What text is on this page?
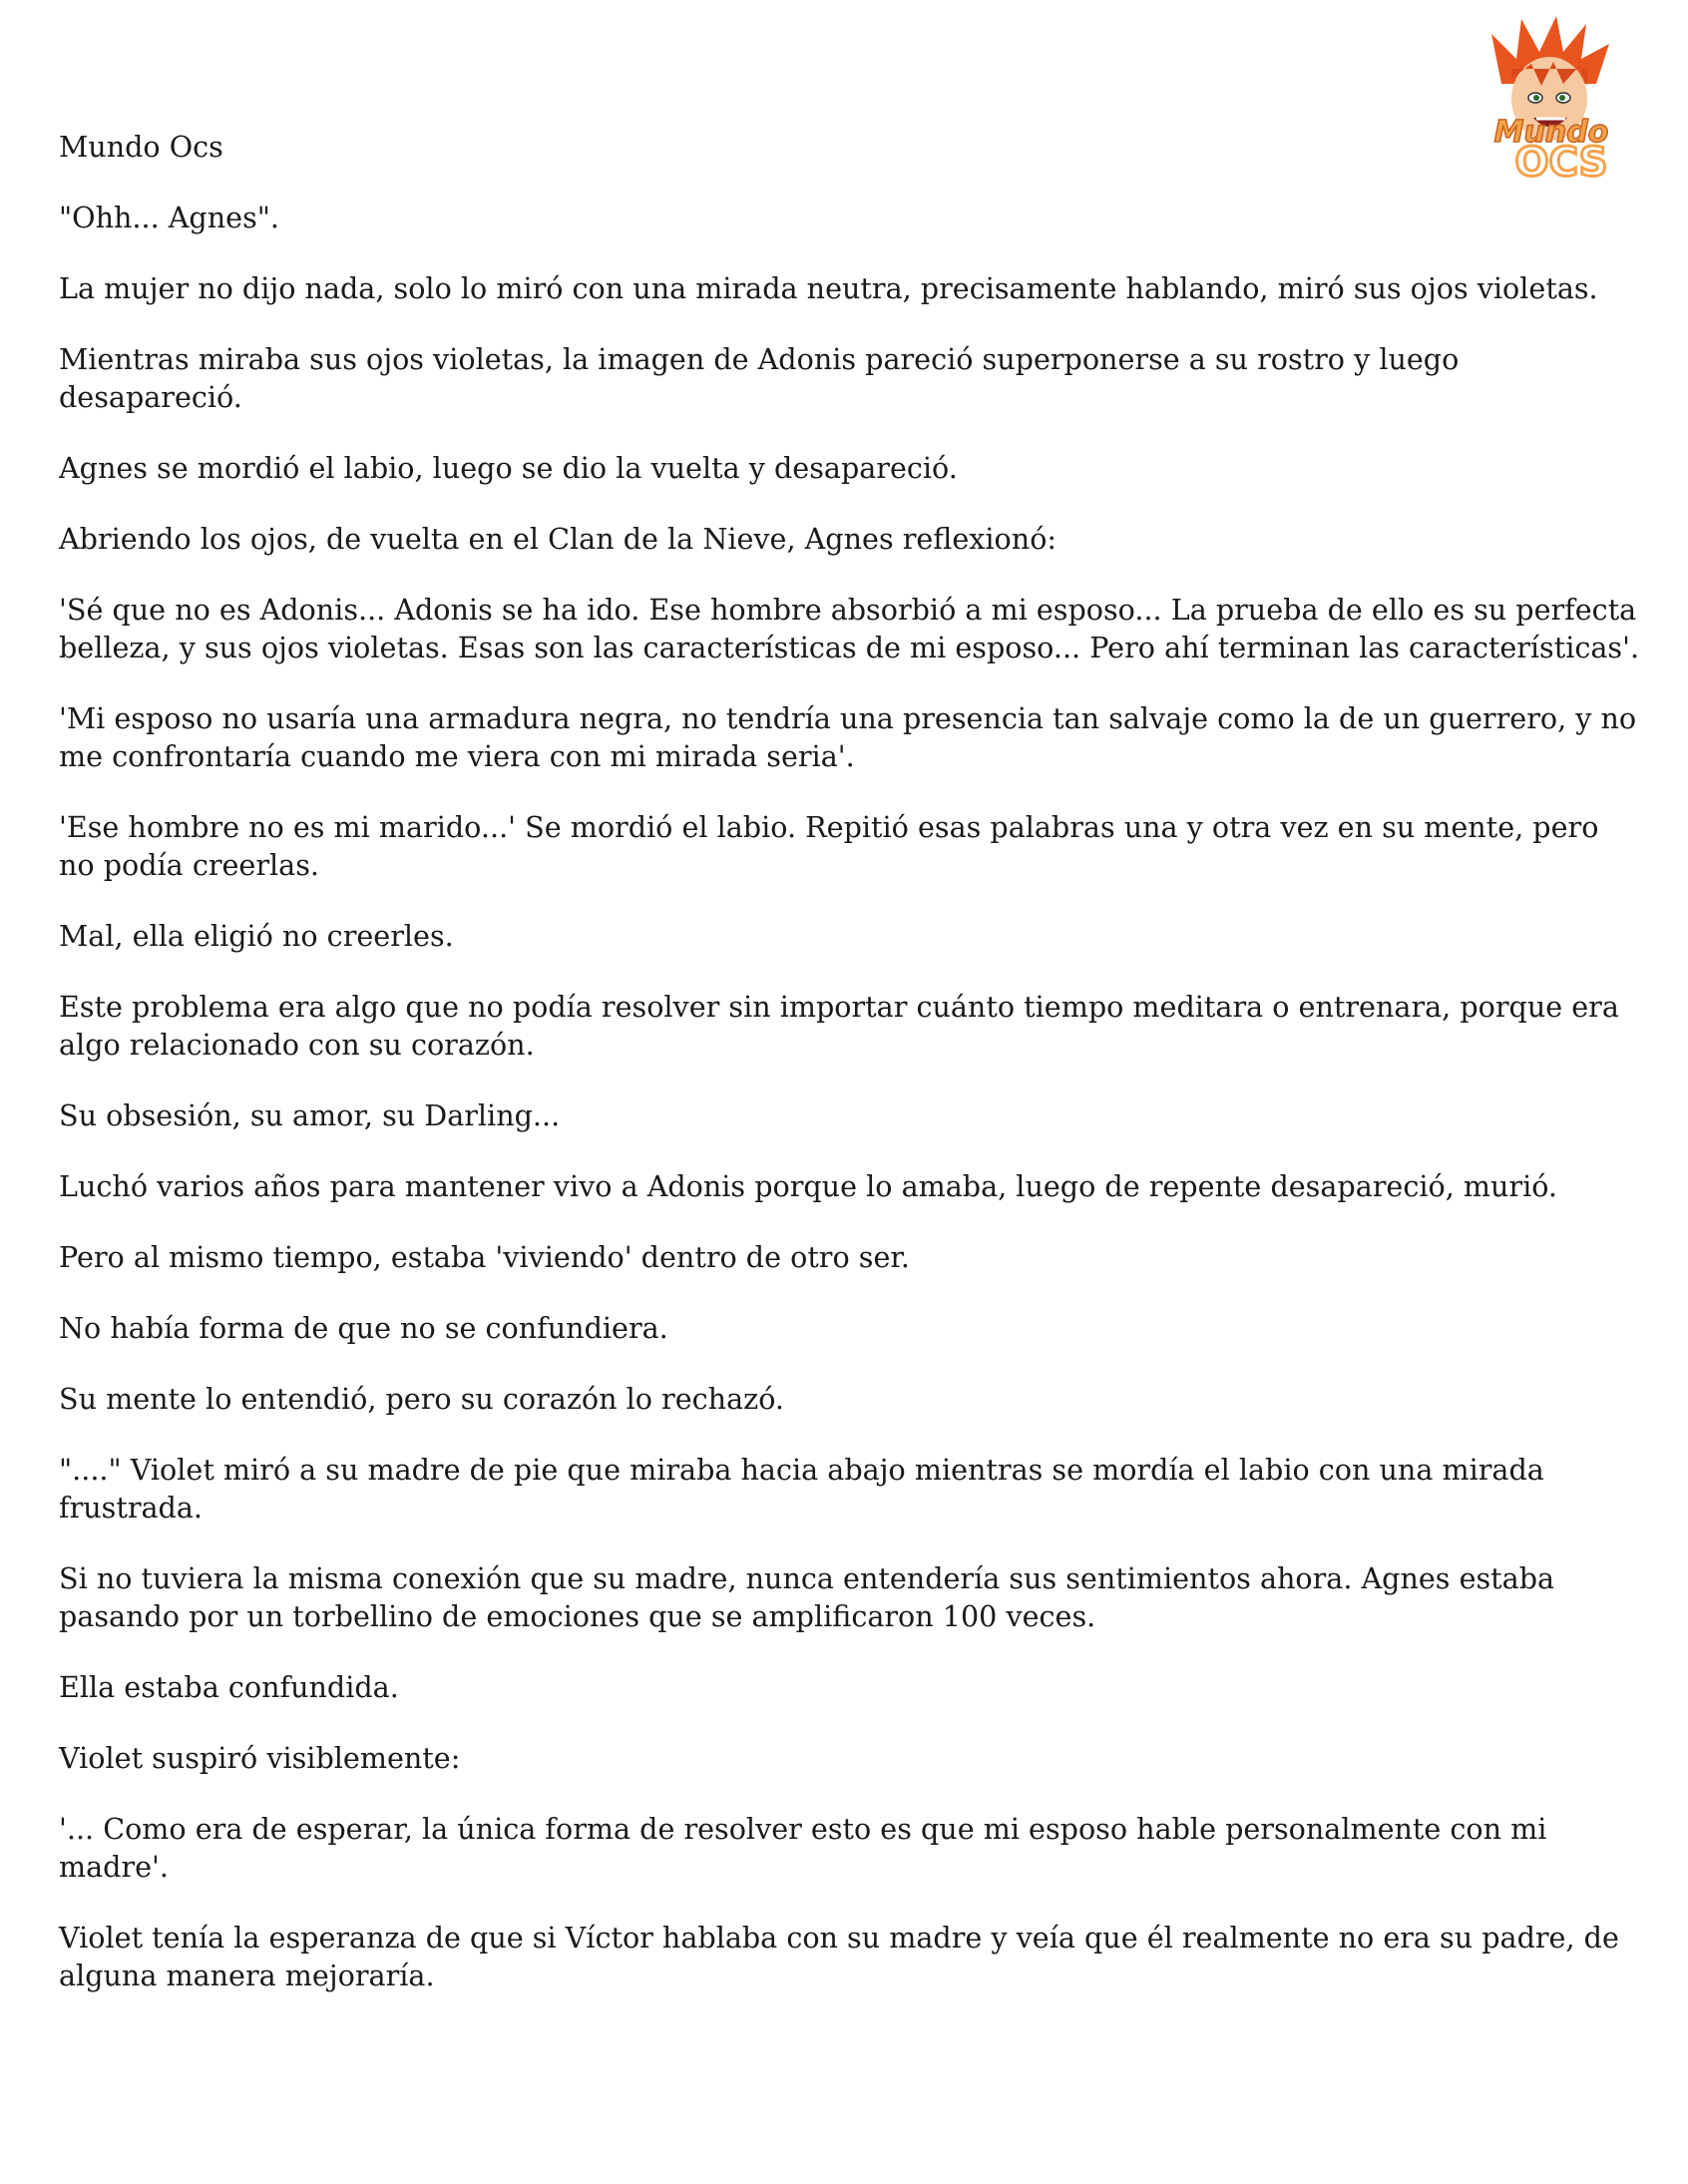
Mundo
OCS

Mundo Ocs

"Ohh... Agnes".

La mujer no dijo nada, solo lo miró con una mirada neutra, precisamente hablando, miró sus ojos violetas.

Mientras miraba sus ojos violetas, la imagen de Adonis pareció superponerse a su rostro y luego desapareció.

Agnes se mordió el labio, luego se dio la vuelta y desapareció.

Abriendo los ojos, de vuelta en el Clan de la Nieve, Agnes reflexionó:

'Sé que no es Adonis... Adonis se ha ido. Ese hombre absorbió a mi esposo... La prueba de ello es su perfecta belleza, y sus ojos violetas. Esas son las características de mi esposo... Pero ahí terminan las características'.

'Mi esposo no usaría una armadura negra, no tendría una presencia tan salvaje como la de un guerrero, y no me confrontaría cuando me viera con mi mirada seria'.

'Ese hombre no es mi marido...' Se mordió el labio. Repitió esas palabras una y otra vez en su mente, pero no podía creerlas.

Mal, ella eligió no creerles.

Este problema era algo que no podía resolver sin importar cuánto tiempo meditara o entrenara, porque era algo relacionado con su corazón.

Su obsesión, su amor, su Darling...

Luchó varios años para mantener vivo a Adonis porque lo amaba, luego de repente desapareció, murió.

Pero al mismo tiempo, estaba 'viviendo' dentro de otro ser.

No había forma de que no se confundiera.

Su mente lo entendió, pero su corazón lo rechazó.

"...." Violet miró a su madre de pie que miraba hacia abajo mientras se mordía el labio con una mirada frustrada.

Si no tuviera la misma conexión que su madre, nunca entendería sus sentimientos ahora. Agnes estaba pasando por un torbellino de emociones que se amplificaron 100 veces.

Ella estaba confundida.

Violet suspiró visiblemente:

'... Como era de esperar, la única forma de resolver esto es que mi esposo hable personalmente con mi madre'.

Violet tenía la esperanza de que si Víctor hablaba con su madre y veía que él realmente no era su padre, de alguna manera mejoraría.
